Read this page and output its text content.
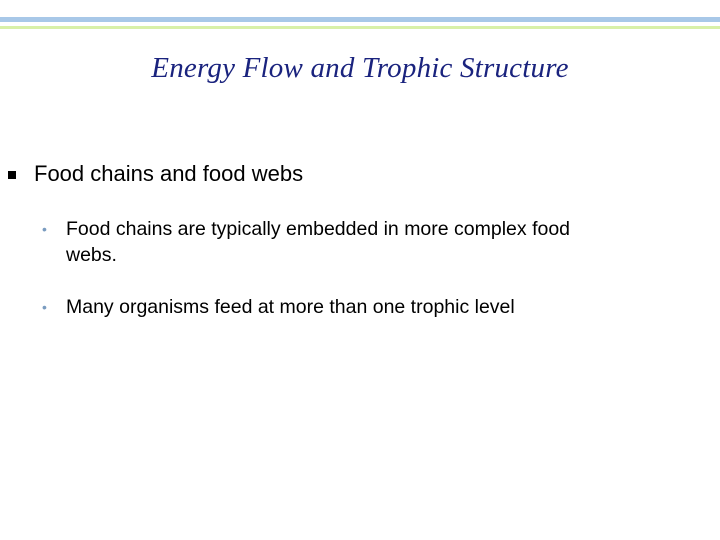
Energy Flow and Trophic Structure
Food chains and food webs
• Food chains are typically embedded in more complex food webs.
• Many organisms feed at more than one trophic level
